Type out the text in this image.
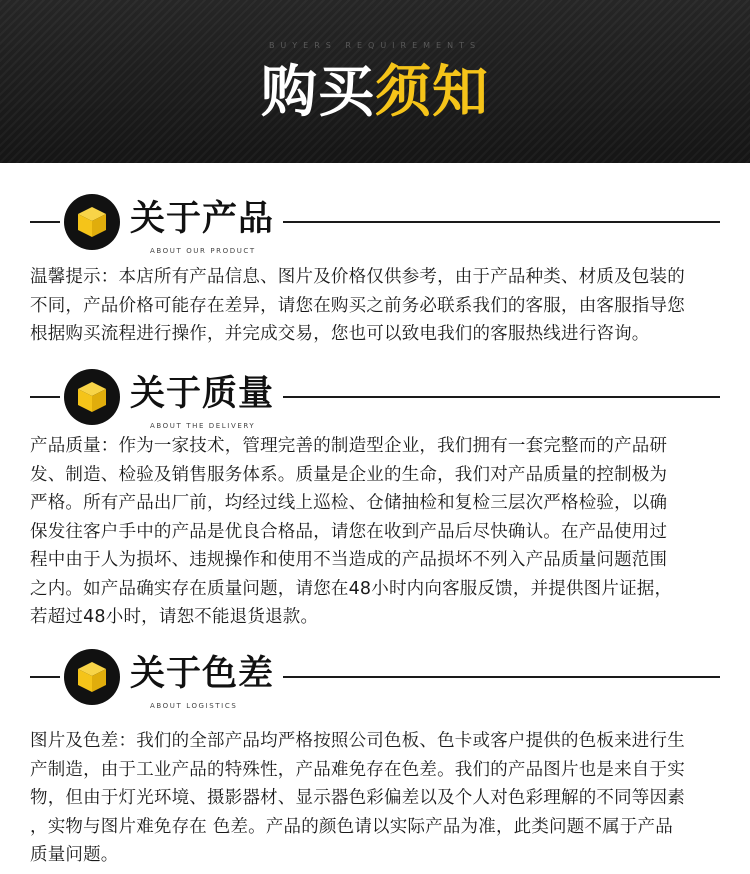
BUYERS REQUIREMENTS
购买须知
关于产品
ABOUT OUR PRODUCT
温馨提示：本店所有产品信息、图片及价格仅供参考，由于产品种类、材质及包装的
不同，产品价格可能存在差异，请您在购买之前务必联系我们的客服，由客服指导您
根据购买流程进行操作，并完成交易，您也可以致电我们的客服热线进行咨询。
关于质量
ABOUT THE DELIVERY
产品质量：作为一家技术，管理完善的制造型企业，我们拥有一套完整而的产品研
发、制造、检验及销售服务体系。质量是企业的生命，我们对产品质量的控制极为
严格。所有产品出厂前，均经过线上巡检、仓储抽检和复检三层次严格检验，以确
保发往客户手中的产品是优良合格品，请您在收到产品后尽快确认。在产品使用过
程中由于人为损坏、违规操作和使用不当造成的产品损坏不列入产品质量问题范围
之内。如产品确实存在质量问题，请您在48小时内向客服反馈，并提供图片证据，
若超过48小时，请恕不能退货退款。
关于色差
ABOUT LOGISTICS
图片及色差：我们的全部产品均严格按照公司色板、色卡或客户提供的色板来进行生
产制造，由于工业产品的特殊性，产品难免存在色差。我们的产品图片也是来自于实
物，但由于灯光环境、摄影器材、显示器色彩偏差以及个人对色彩理解的不同等因素
，实物与图片难免存在 色差。产品的颜色请以实际产品为准，此类问题不属于产品
质量问题。
